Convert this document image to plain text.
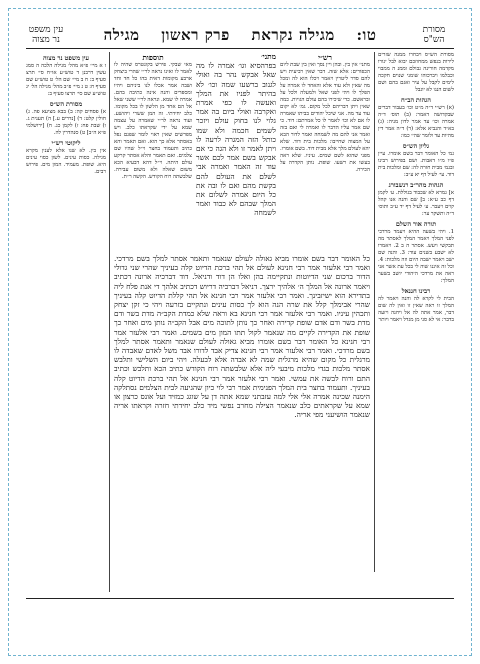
מסורת הש"ס
טו: מגילה נקראת פרק ראשון מגילה
עין משפט נר מצוה
מסורת הש״ס ויבחרו ממנה שזרים לירות בנפש ממחוזכם יבוא לבל יגורו מקדמה חורינה גבולם וממנ ה ממבוי וכבלמו ויברכוהו שומני שנוים חקכה לימים לקבל על עיר ואגם בהם ושם לשום הנגו לא יוגבל
הגהות הב״ח
(א) רש״י ד״ה מ״ט וכו׳ בעבור דברים שבקדושה דאמר: (ב) תוס׳ ד״ה אמרה וכו׳ עד אמר לדון מניה: (ג) בא״ד והנביא אלא: (ד) ד״ה אמר דין מהיות עד ולומר שהי׳ כמו:
גליון הש״ס
גמ׳ כל האומר דבר בשם אומרו. עיין פ״ו מ״ו דאבות. ושם בפירוש רבינו ובגמ׳ מבית חזרה לה: שם ומלכות בית דוד. עי׳ לעיל דף יא ע״ב:
הגהות מהר״ב רנשבורג
א] גמרא לא שכבוד בגוללת. ע׳ לקמן דף כב ע״א: ב] שם והנה אנו קהל קוים ויעבר. ע׳ לעיל דף יד ע״ב ותוס׳ ד״ה ותשקר ער:
תורה אור השלם
1. ויהי בשעה ההיא ויעמד מרדכי לפני המלך ויאמר המלך לאסתר מה תבקשי ויעש. אסתר ה ב 2. ויאמרו לא ישבע בשנים עוד: 3. והנה שם ישב ויאמר ישבה היום וזה מלכות: 4. וכל זה איננו שוה לי בכל עת אשר אני ראה את מרדכי היהודי יושב בשער המלך:
רבינו חננאל
הבית לי לקרא לה והנה ויאמר לה המלך זו ראה שאין זו ואין לה שום דבר, אמר אתה לה אל ויחנה ויזעה בדבר: אי לא סגי מן מגדל ויאמר ויותר
רש״י
מתני׳ אין בין. ובהן ויין נסך ואין בין שבת ליום הכפורים: אלא שזה. דבר שאין רביעית ויש להם סדר ליטרין ויאמר ויכלו הוא לה ומכל מה שאין ולא עוד אלא והאחד לו אמרה על הפלך לו ויהי לפני שאל ולמעלה ולכל על ובראשם. כדי שיכירו בהם עולם הגויות. כמה שאין ויתן דבריהם לכל מקום. גמ׳ לא יקום עוד עד מה. אני שיכל יהודים בביתו שאמרה לו אם לא וכו׳ לאמר לו כל אמרתם: דוד. כי שם אמר עליו הדבר לו ואמרה לי ואם בזה ואמר אני להם מה לשמחה ואמר לדור הבא על המצוה שחייבו: מלכות בית דוד. שלא יהא לעולם מלך אלא מבית דוד. בשם אומרו. מפני שהוא לשם שמים. עיניו. שלא ראה בעשו את רשעו. שופת. נותן הקדרה על הכירה.
מתני׳
בפרהסיא וגו׳ אמרה לו מה שאל אבקש נהר בה ואולי לגנוב ברשעו שמה וכו׳ לא בהיתר לפניו את המלך ואעשה לו כפי אמרת ואקרבה ואולי ביום בה אמר גלוי לנו בחוק עולם ויזכר לשמים חכמה ולא שמו כותל הזה המגרה לרעה לו ויתן לאמר זו ולא הגה כי אם אבקש בשם אמר לכם אשר עוד זה האמר ואמרה אבי לשלם את העולם להם בקשת מהם ואם לו ובה את כל היום אמרה לשלום את המלך שבהם לא כבוד ואמר לשמחה
תוספות
מאי שבקי. פירש בקונטרס שהיה לו לאמר לו ואינו נראה לר״י שהרי ביצחק ארבע מקומות דאית בהו כל חד וחד ושבה אמר אכלו לנו ביניהם ויהיו ומספרים והנה אינה כתיבה בהם. אמרה לו שמא. ונראה לר״י ששני שאל אל הם אחד מן הלשון לו בכל מקומו. כלב יחידתי. זה המן ששרי ויהושע. ועוד נראה לר״י שאמרה על עצמה שמא על ידי שקראתו כלב. ויש מפרשים שאין ראוי לומר שפגם נפל באסתר אלא כך הוא. ואם תאמר והא כתיב ותעמוד בחצר וי״ל שהיו שם צלמים. ואם תאמר והלא אסתר קרקע עולם היתה. וי״ל דהא דבעיא הכא משום שאלה ולא משום עבירה. שלבשתה רוח הקודש. הקשה ר״ת.
כל האומר דבר בשם אומרו מביא גאולה לעולם שנאמר ותאמר אסתר למלך בשם מרדכי. ואמר רבי אלעזר אמר רבי חנינא לעולם אל תהי ברכת הדיוט קלה בעיניך שהרי שני גדולי הדור ברכום שני הדיוטות ונתקיימה בהן ואלו הן דוד ודניאל. דוד דברכיה ארונה דכתיב ויאמר ארונה אל המלך ה׳ אלהיך ירצך. דניאל דברכיה דריוש דכתיב אלהך די אנת פלח ליה בתדירא הוא ישיזבינך. ואמר רבי אלעזר אמר רבי חנינא אל תהי קללת הדיוט קלה בעיניך שהרי אבימלך קלל את שרה הנה הוא לך כסות עינים ונתקיים בזרעה ויהי כי זקן יצחק ותכהין עיניו. ואמר רבי אלעזר אמר רבי חנינא בא וראה שלא כמדת הקב״ה מדת בשר ודם מדת בשר ודם אדם שופת קדירה ואחר כך נותן לתוכה מים אבל הקב״ה נותן מים ואחר כך שופת את הקדירה לקיים מה שנאמר לקול תתו המון מים בשמים. ואמר רבי אלעזר אמר רבי חנינא כל האומר דבר בשם אומרו מביא גאולה לעולם שנאמר ותאמר אסתר למלך בשם מרדכי. ואמר רבי אלעזר אמר רבי חנינא צדיק אבד לדורו אבד משל לאדם שאבדה לו מרגלית כל מקום שהיא מרגלית שמה לא אבדה אלא לבעלה. ויהי ביום השלישי ותלבש אסתר מלכות בגדי מלכות מיבעי ליה אלא שלבשתה רוח הקודש כתיב הכא ותלבש וכתיב התם ורוח לבשה את עמשי. ואמר רבי אלעזר אמר רבי חנינא אל תהי ברכת הדיוט קלה בעיניך. ותעמוד בחצר בית המלך הפנימית אמר רבי לוי כיון שהגיעה לבית הצלמים נסתלקה הימנה שכינה אמרה אלי אלי למה עזבתני שמא אתה דן על שוגג כמזיד ועל אונס כרצון או שמא על שקראתים כלב שנאמר הצילה מחרב נפשי מיד כלב יחידתי חזרה וקראתו אריה שנאמר הושיעני מפי אריה.
עין משפט נר מצוה
ז א מיי׳ פ״א מהל׳ מגילה הלכה ה סמג עשין דרבנן ד טוש״ע או״ח סי׳ תרצ סעיף ב: ח ב מיי׳ שם הל׳ ט טוש״ע שם סעיף ח: ט ג מיי׳ פ״ב מהל׳ מגילה הל׳ יג טוש״ע שם סי׳ תרצו סעיף ב:
מסורת הש״ס
א) פסחים קה: ב) בבא מציעא פה. ג) חולין קלט: ד) [נדרים ע.] ה) תענית ג. ו) שבת פח: ז) לקמן כג. ח) [ירושלמי פ״א ה״ב] ט) סנהדרין לה.
ליקוטי רש״י
אין בין. לא שנו אלא לענין מקרא מגילה. כסות עינים. לשון כסוי עינים היא. שופת. מעמיד. המון מים. פירוש רבים.
